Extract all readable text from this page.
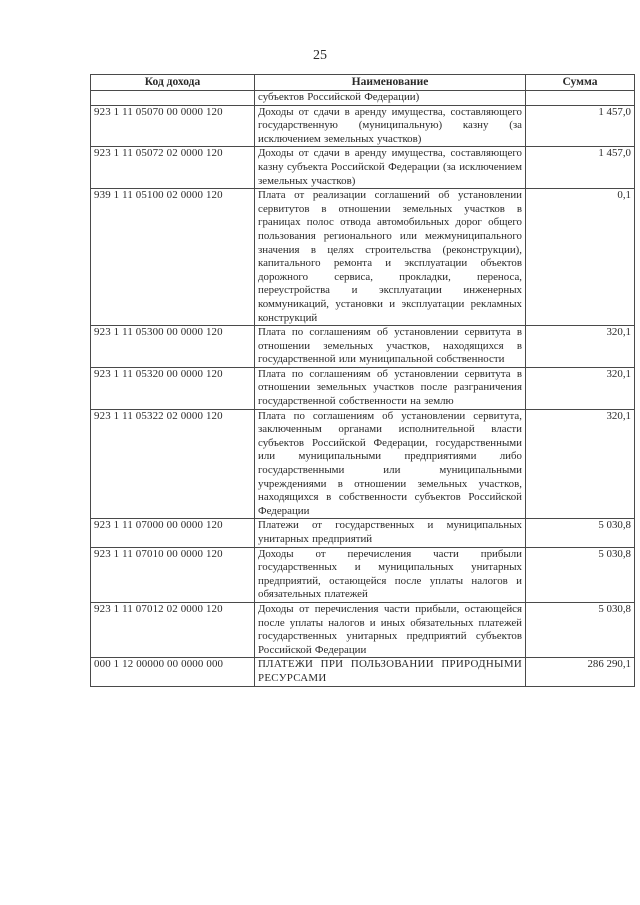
25
Код дохода	Наименование	Сумма
	субъектов Российской Федерации)	
923 1 11 05070 00 0000 120	Доходы от сдачи в аренду имущества, составляющего государственную (муниципальную) казну (за исключением земельных участков)	1 457,0
923 1 11 05072 02 0000 120	Доходы от сдачи в аренду имущества, составляющего казну субъекта Российской Федерации (за исключением земельных участков)	1 457,0
939 1 11 05100 02 0000 120	Плата от реализации соглашений об установлении сервитутов в отношении земельных участков в границах полос отвода автомобильных дорог общего пользования регионального или межмуниципального значения в целях строительства (реконструкции), капитального ремонта и эксплуатации объектов дорожного сервиса, прокладки, переноса, переустройства и эксплуатации инженерных коммуникаций, установки и эксплуатации рекламных конструкций	0,1
923 1 11 05300 00 0000 120	Плата по соглашениям об установлении сервитута в отношении земельных участков, находящихся в государственной или муниципальной собственности	320,1
923 1 11 05320 00 0000 120	Плата по соглашениям об установлении сервитута в отношении земельных участков после разграничения государственной собственности на землю	320,1
923 1 11 05322 02 0000 120	Плата по соглашениям об установлении сервитута, заключенным органами исполнительной власти субъектов Российской Федерации, государственными или муниципальными предприятиями либо государственными или муниципальными учреждениями в отношении земельных участков, находящихся в собственности субъектов Российской Федерации	320,1
923 1 11 07000 00 0000 120	Платежи от государственных и муниципальных унитарных предприятий	5 030,8
923 1 11 07010 00 0000 120	Доходы от перечисления части прибыли государственных и муниципальных унитарных предприятий, остающейся после уплаты налогов и обязательных платежей	5 030,8
923 1 11 07012 02 0000 120	Доходы от перечисления части прибыли, остающейся после уплаты налогов и иных обязательных платежей государственных унитарных предприятий субъектов Российской Федерации	5 030,8
000 1 12 00000 00 0000 000	ПЛАТЕЖИ ПРИ ПОЛЬЗОВАНИИ ПРИРОДНЫМИ РЕСУРСАМИ	286 290,1
